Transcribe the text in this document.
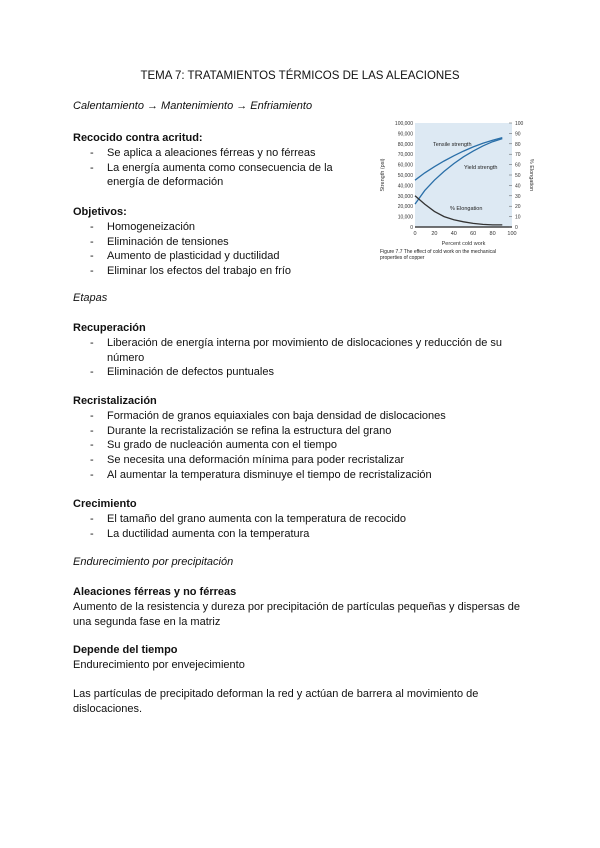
TEMA 7: TRATAMIENTOS TÉRMICOS DE LAS ALEACIONES
Calentamiento → Mantenimiento → Enfriamiento
Recocido contra acritud:
- Se aplica a aleaciones férreas y no férreas
- La energía aumenta como consecuencia de la energía de deformación
Objetivos:
- Homogeneización
- Eliminación de tensiones
- Aumento de plasticidad y ductilidad
- Eliminar los efectos del trabajo en frío
Etapas
Recuperación
- Liberación de energía interna por movimiento de dislocaciones y reducción de su número
- Eliminación de defectos puntuales
Recristalización
- Formación de granos equiaxiales con baja densidad de dislocaciones
- Durante la recristalización se refina la estructura del grano
- Su grado de nucleación aumenta con el tiempo
- Se necesita una deformación mínima para poder recristalizar
- Al aumentar la temperatura disminuye el tiempo de recristalización
Crecimiento
- El tamaño del grano aumenta con la temperatura de recocido
- La ductilidad aumenta con la temperatura
Endurecimiento por precipitación
Aleaciones férreas y no férreas
Aumento de la resistencia y dureza por precipitación de partículas pequeñas y dispersas de una segunda fase en la matriz
Depende del tiempo
Endurecimiento por envejecimiento
Las partículas de precipitado deforman la red y actúan de barrera al movimiento de dislocaciones.
0
10,000
20,000
30,000
40,000
50,000
60,000
70,000
80,000
90,000
100,000
0
10
20
30
40
50
60
70
80
90
100
0	20 40 60 80 100
Percent cold work
Strength (psi)	% Elongation
Tensile strength
Yield strength
% Elongation
Figure 7.7 The effect of cold work on the mechanical
properties of copper
